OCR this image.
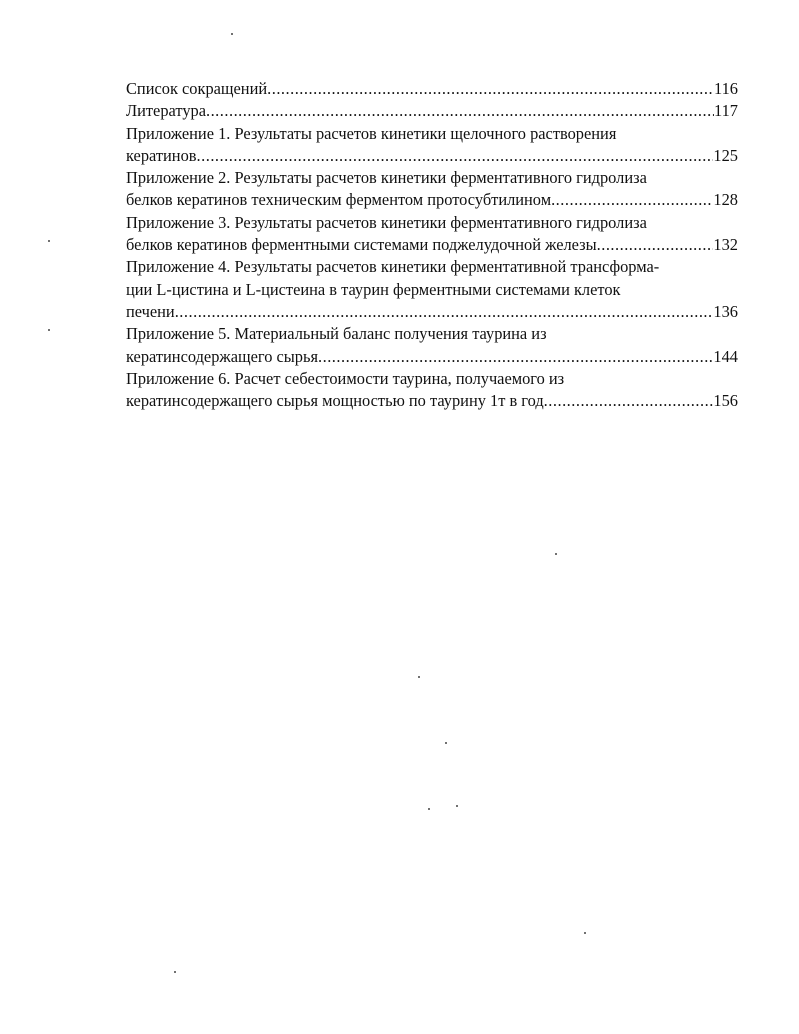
Список сокращений .....	116
Литература .....	117
Приложение 1. Результаты расчетов кинетики щелочного растворения
кератинов .....	125
Приложение 2. Результаты расчетов кинетики ферментативного гидролиза
белков кератинов техническим ферментом протосубтилином .....	128
Приложение 3. Результаты расчетов кинетики ферментативного гидролиза
белков кератинов ферментными системами поджелудочной железы .....	132
Приложение 4. Результаты расчетов кинетики ферментативной трансформа-
ции L-цистина и L-цистеина в таурин ферментными системами клеток
печени .....	136
Приложение 5. Материальный баланс получения таурина из
кератинсодержащего сырья .....	144
Приложение 6. Расчет себестоимости таурина, получаемого из
кератинсодержащего сырья мощностью по таурину 1т в год .....	156
